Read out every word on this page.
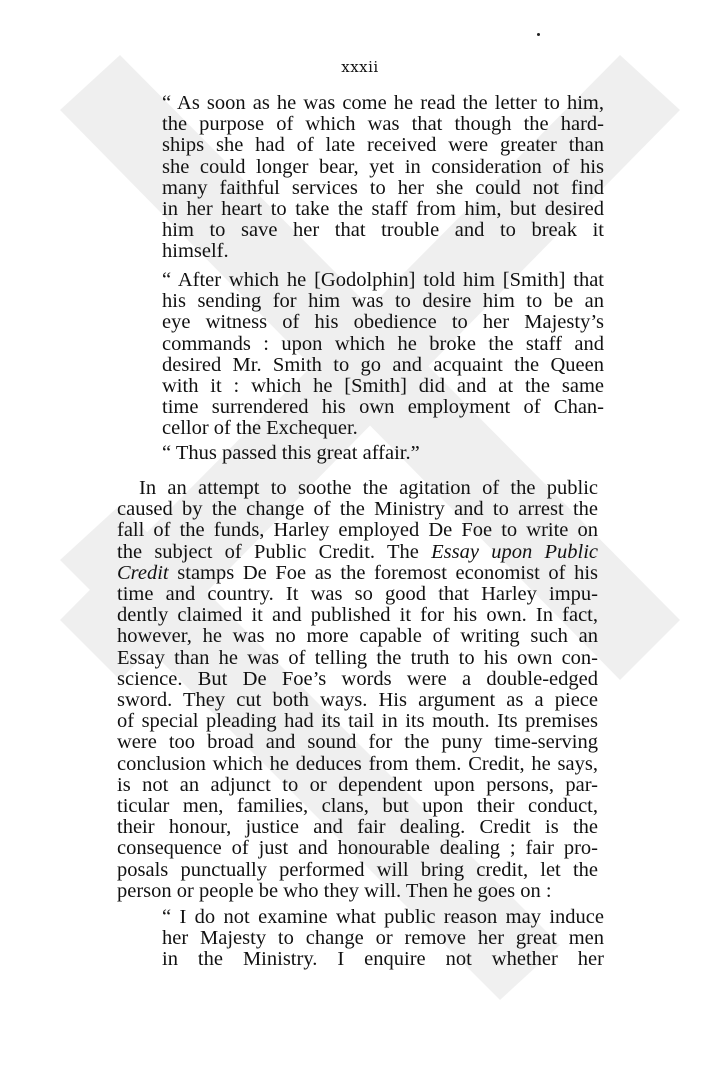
xxxii

“ As soon as he was come he read the letter to him,
the purpose of which was that though the hard-
ships she had of late received were greater than
she could longer bear, yet in consideration of his
many faithful services to her she could not find
in her heart to take the staff from him, but desired
him to save her that trouble and to break it
himself.

“ After which he [Godolphin] told him [Smith] that
his sending for him was to desire him to be an
eye witness of his obedience to her Majesty’s
commands : upon which he broke the staff and
desired Mr. Smith to go and acquaint the Queen
with it : which he [Smith] did and at the same
time surrendered his own employment of Chan-
cellor of the Exchequer.

“ Thus passed this great affair.”

In an attempt to soothe the agitation of the public
caused by the change of the Ministry and to arrest the
fall of the funds, Harley employed De Foe to write on
the subject of Public Credit. The Essay upon Public
Credit stamps De Foe as the foremost economist of his
time and country. It was so good that Harley impu-
dently claimed it and published it for his own. In fact,
however, he was no more capable of writing such an
Essay than he was of telling the truth to his own con-
science. But De Foe’s words were a double-edged
sword. They cut both ways. His argument as a piece
of special pleading had its tail in its mouth. Its premises
were too broad and sound for the puny time-serving
conclusion which he deduces from them. Credit, he says,
is not an adjunct to or dependent upon persons, par-
ticular men, families, clans, but upon their conduct,
their honour, justice and fair dealing. Credit is the
consequence of just and honourable dealing ; fair pro-
posals punctually performed will bring credit, let the
person or people be who they will. Then he goes on :

“ I do not examine what public reason may induce
her Majesty to change or remove her great men
in the Ministry. I enquire not whether her
